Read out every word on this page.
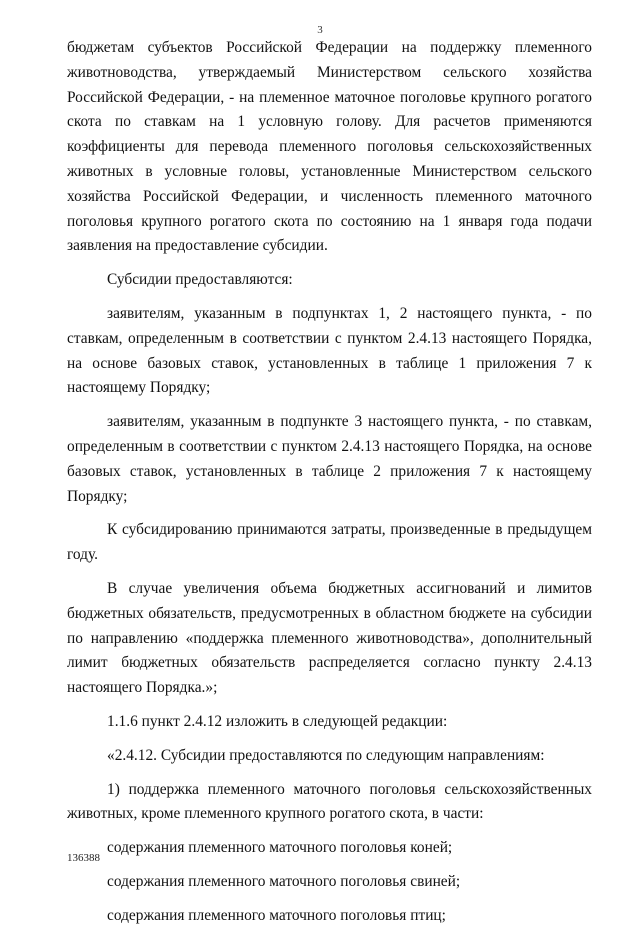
3

бюджетам субъектов Российской Федерации на поддержку племенного животноводства, утверждаемый Министерством сельского хозяйства Российской Федерации, - на племенное маточное поголовье крупного рогатого скота по ставкам на 1 условную голову. Для расчетов применяются коэффициенты для перевода племенного поголовья сельскохозяйственных животных в условные головы, установленные Министерством сельского хозяйства Российской Федерации, и численность племенного маточного поголовья крупного рогатого скота по состоянию на 1 января года подачи заявления на предоставление субсидии.

Субсидии предоставляются:

заявителям, указанным в подпунктах 1, 2 настоящего пункта, - по ставкам, определенным в соответствии с пунктом 2.4.13 настоящего Порядка, на основе базовых ставок, установленных в таблице 1 приложения 7 к настоящему Порядку;

заявителям, указанным в подпункте 3 настоящего пункта, - по ставкам, определенным в соответствии с пунктом 2.4.13 настоящего Порядка, на основе базовых ставок, установленных в таблице 2 приложения 7 к настоящему Порядку;

К субсидированию принимаются затраты, произведенные в предыдущем году.

В случае увеличения объема бюджетных ассигнований и лимитов бюджетных обязательств, предусмотренных в областном бюджете на субсидии по направлению «поддержка племенного животноводства», дополнительный лимит бюджетных обязательств распределяется согласно пункту 2.4.13 настоящего Порядка.»;

1.1.6 пункт 2.4.12 изложить в следующей редакции:

«2.4.12. Субсидии предоставляются по следующим направлениям:

1) поддержка племенного маточного поголовья сельскохозяйственных животных, кроме племенного крупного рогатого скота, в части:

содержания племенного маточного поголовья коней;

содержания племенного маточного поголовья свиней;

содержания племенного маточного поголовья птиц;

136388
